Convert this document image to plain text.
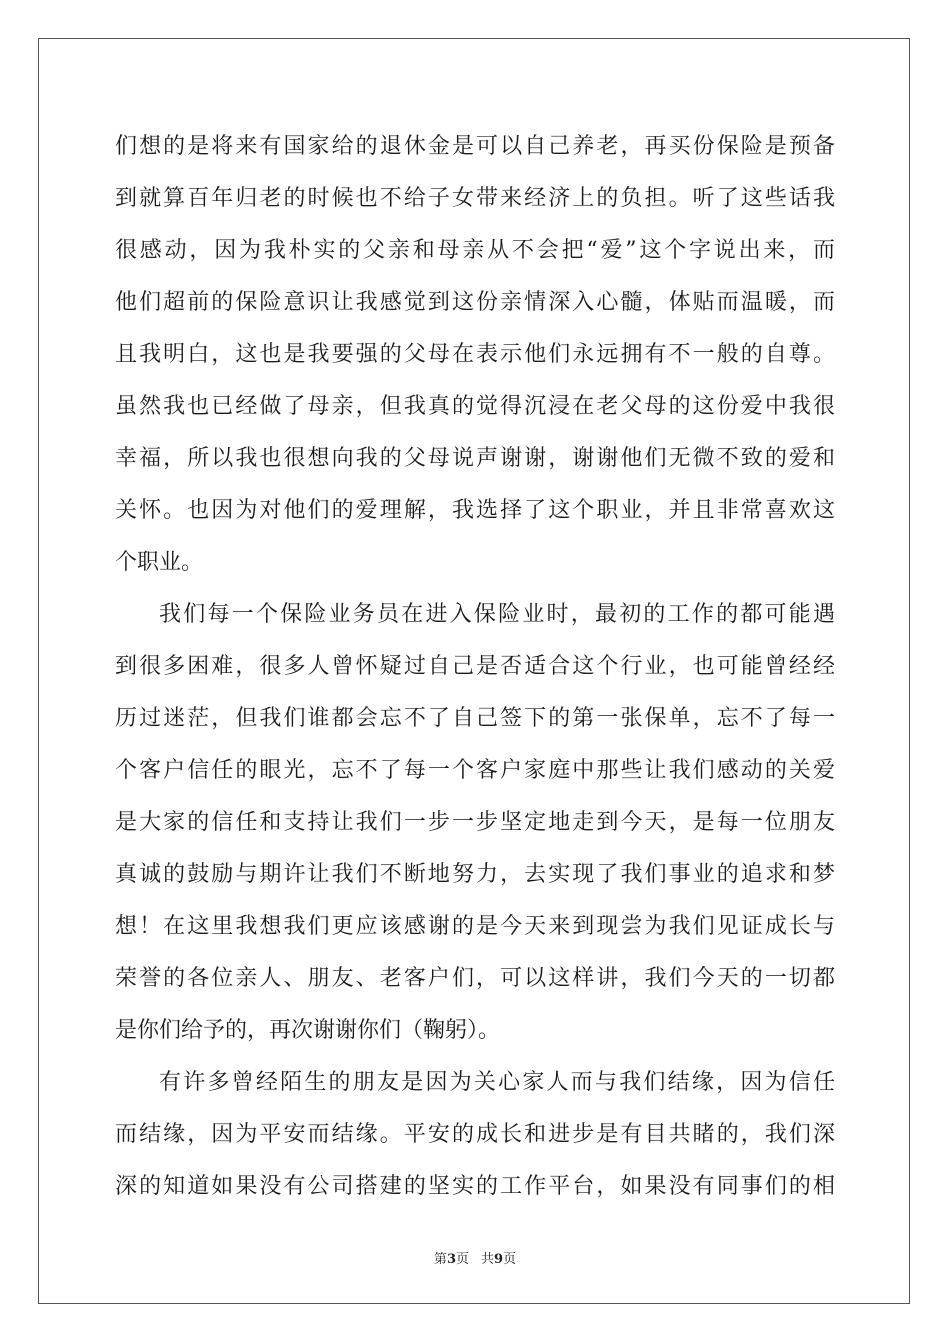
们想的是将来有国家给的退休金是可以自己养老，再买份保险是预备
到就算百年归老的时候也不给子女带来经济上的负担。听了这些话我
很感动，因为我朴实的父亲和母亲从不会把“爱”这个字说出来，而
他们超前的保险意识让我感觉到这份亲情深入心髓，体贴而温暖，而
且我明白，这也是我要强的父母在表示他们永远拥有不一般的自尊。
虽然我也已经做了母亲，但我真的觉得沉浸在老父母的这份爱中我很
幸福，所以我也很想向我的父母说声谢谢，谢谢他们无微不致的爱和
关怀。也因为对他们的爱理解，我选择了这个职业，并且非常喜欢这
个职业。
我们每一个保险业务员在进入保险业时，最初的工作的都可能遇
到很多困难，很多人曾怀疑过自己是否适合这个行业，也可能曾经经
历过迷茫，但我们谁都会忘不了自己签下的第一张保单，忘不了每一
个客户信任的眼光，忘不了每一个客户家庭中那些让我们感动的关爱
是大家的信任和支持让我们一步一步坚定地走到今天，是每一位朋友
真诚的鼓励与期许让我们不断地努力，去实现了我们事业的追求和梦
想！在这里我想我们更应该感谢的是今天来到现尝为我们见证成长与
荣誉的各位亲人、朋友、老客户们，可以这样讲，我们今天的一切都
是你们给予的，再次谢谢你们（鞠躬）。
有许多曾经陌生的朋友是因为关心家人而与我们结缘，因为信任
而结缘，因为平安而结缘。平安的成长和进步是有目共睹的，我们深
深的知道如果没有公司搭建的坚实的工作平台，如果没有同事们的相
第3页 共9页
